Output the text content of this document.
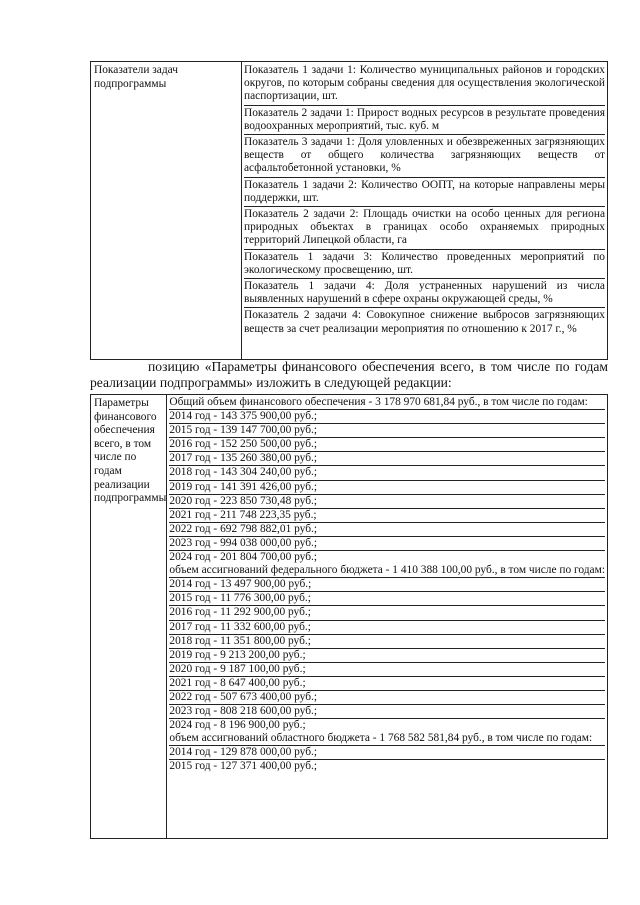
Показатели задач подпрограммы
Показатель 1 задачи 1: Количество муниципальных районов и городских округов, по которым собраны сведения для осуществления экологической паспортизации, шт.
Показатель 2 задачи 1: Прирост водных ресурсов в результате проведения водоохранных мероприятий, тыс. куб. м
Показатель 3 задачи 1: Доля уловленных и обезвреженных загрязняющих веществ от общего количества загрязняющих веществ от асфальтобетонной установки, %
Показатель 1 задачи 2: Количество ООПТ, на которые направлены меры поддержки, шт.
Показатель 2 задачи 2: Площадь очистки на особо ценных для региона природных объектах в границах особо охраняемых природных территорий Липецкой области, га
Показатель 1 задачи 3: Количество проведенных мероприятий по экологическому просвещению, шт.
Показатель 1 задачи 4: Доля устраненных нарушений из числа выявленных нарушений в сфере охраны окружающей среды, %
Показатель 2 задачи 4: Совокупное снижение выбросов загрязняющих веществ за счет реализации мероприятия по отношению к 2017 г., %
позицию «Параметры финансового обеспечения всего, в том числе по годам реализации подпрограммы» изложить в следующей редакции:
Параметры финансового обеспечения всего, в том числе по годам реализации подпрограммы
Общий объем финансового обеспечения - 3 178 970 681,84 руб., в том числе по годам:
2014 год - 143 375 900,00 руб.;
2015 год - 139 147 700,00 руб.;
2016 год - 152 250 500,00 руб.;
2017 год - 135 260 380,00 руб.;
2018 год - 143 304 240,00 руб.;
2019 год - 141 391 426,00 руб.;
2020 год - 223 850 730,48 руб.;
2021 год - 211 748 223,35 руб.;
2022 год - 692 798 882,01 руб.;
2023 год - 994 038 000,00 руб.;
2024 год - 201 804 700,00 руб.;
объем ассигнований федерального бюджета - 1 410 388 100,00 руб., в том числе по годам:
2014 год - 13 497 900,00 руб.;
2015 год - 11 776 300,00 руб.;
2016 год - 11 292 900,00 руб.;
2017 год - 11 332 600,00 руб.;
2018 год - 11 351 800,00 руб.;
2019 год - 9 213 200,00 руб.;
2020 год - 9 187 100,00 руб.;
2021 год - 8 647 400,00 руб.;
2022 год - 507 673 400,00 руб.;
2023 год - 808 218 600,00 руб.;
2024 год - 8 196 900,00 руб.;
объем ассигнований областного бюджета - 1 768 582 581,84 руб., в том числе по годам:
2014 год - 129 878 000,00 руб.;
2015 год - 127 371 400,00 руб.;
